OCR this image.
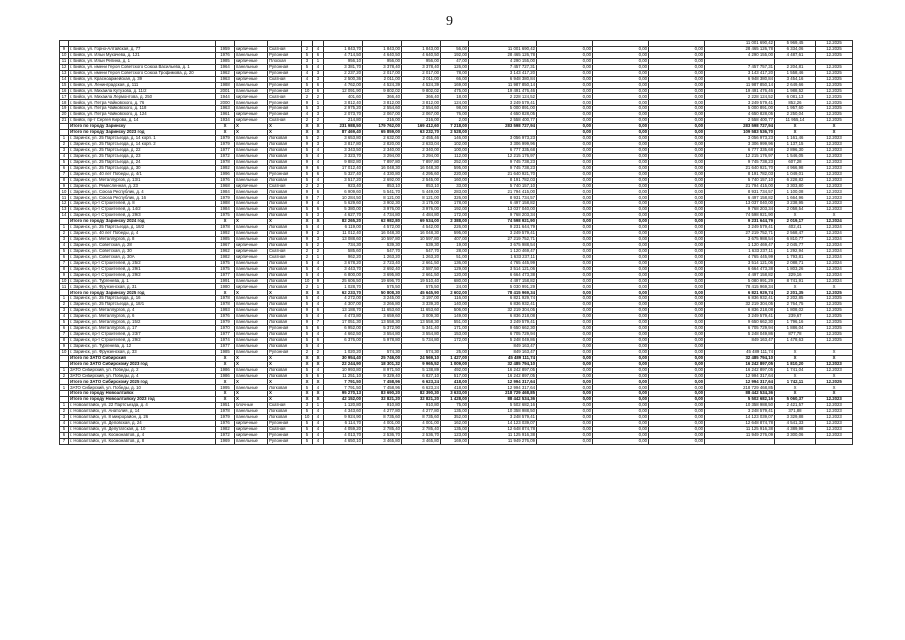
9
															11 001 690,42	5 969,45	12.2025
9	г. Бийск, ул. Горно-Алтайская, д. 77	1959	кирпичные	Скатная	2	4	1 843,70	1 843,00	1 843,00	56,00	11 001 690,42	0,00	0,00	0,00	28 465 126,78	6 334,06	12.2025
10	г. Бийск, ул. Ильи Мухачева, д. 121	1976	панельные	Рулонная	5	6	4 714,50	4 640,50	4 640,50	192,00	28 465 126,78	0,00	0,00	0,00	4 290 155,00	4 487,61	12.2025
11	г. Бийск, ул. Ильи Репина, д. 1	1985	кирпичные	Плоская	3	1	956,10	956,00	956,00	47,00	4 290 155,00	0,00	0,00	0,00			
12	г. Бийск, ул. имени Героя Советского Союза Васильева, д. 1	1964	панельные	Рулонная	5	4	3 381,70	3 378,40	3 378,40	126,00	7 457 727,31	0,00	0,00	0,00	7 457 757,31	2 204,81	12.2025
13	г. Бийск, ул. имени Героя Советского Союза Трофимова, д. 20	1962	кирпичные	Рулонная	4	3	2 237,20	2 017,00	2 017,00	78,00	3 143 417,20	0,00	0,00	0,00	3 143 417,20	1 558,46	12.2025
14	г. Бийск, ул. Красноармейская, д. 39	1963	кирпичные	Скатная	4	3	2 500,36	2 011,00	2 011,00	66,00	6 948 380,84	0,00	0,00	0,00	6 948 380,84	3 454,16	12.2025
15	г. Бийск, ул. Ленинградская, д. 111	1988	панельные	Рулонная	5	6	4 762,00	4 524,39	4 524,39	169,00	11 987 850,14	0,00	0,00	0,00	11 987 850,14	2 649,66	12.2025
16	г. Бийск, ул. Михаила Кутузова, д. 11/2	2001	панельные	Рулонная	10	6	12 091,90	9 802,02	9 802,02	475,00	19 491 476,46	0,00	0,00	0,00	19 491 476,46	1 988,52	12.2025
17	г. Бийск, ул. Михаила Лермонтова, д. 250	1944	кирпичные	Скатная	2	2	401,60	366,40	366,40	18,00	2 228 124,52	0,00	0,00	0,00	2 228 124,52	6 081,13	12.2025
18	г. Бийск, ул. Петра Чайковского, д. 76	2000	панельные	Рулонная	9	1	3 812,40	3 812,00	3 812,00	124,00	3 249 579,41	0,00	0,00	0,00	3 249 579,41	852,26	12.2025
19	г. Бийск, ул. Петра Чайковского, д. 118	1963	панельные	Рулонная	5	3	2 975,20	2 554,60	2 554,60	98,00	5 000 891,00	0,00	0,00	0,00	5 000 891,00	1 957,60	12.2025
20	г. Бийск, ул. Петра Чайковского, д. 124	1961	кирпичные	Рулонная	4	3	2 073,70	2 067,00	2 067,00	76,00	4 650 828,05	0,00	0,00	0,00	4 650 828,05	2 250,04	12.2025
21	г. Бийск, пр-т Сергея Кирова, д. 14	1934	кирпичные	Скатная	2	2	214,80	216,00	216,00	2,00	2 558 400,77	0,00	0,00	0,00	2 558 400,77	11 955,14	12.2025
	Итого по городу Заринску	X	X	X	X	X	231 988,50	179 762,00	169 412,60	7 218,00	283 598 727,94	0,00	0,00	0,00	283 598 727,94	X	X
	Итого по городу Заринску 2023 год	X	X	X	X	X	87 469,40	65 859,00	63 232,70	2 528,00		0,00	0,00	0,00	109 583 536,70	X	X
1	г. Заринск, ул. 25 Партсъезда, д. 14 корп. 1	1979	панельные	Логковая	5	2	3 653,80	2 632,00	2 455,46	146,00	3 056 973,23	0,00	0,00	0,00	3 056 973,23	1 161,46	12.2023
2	г. Заринск, ул. 25 Партсъезда, д. 14 корп. 2	1979	панельные	Логковая	9	3	3 817,80	2 820,00	2 633,04	102,00	3 306 999,96	0,00	0,00	0,00	3 306 999,96	1 137,15	12.2023
3	г. Заринск, ул. 25 Партсъезда, д. 22	1977	панельные	Логковая	5	4	3 343,50	2 340,00	2 340,00	100,00	6 777 335,68	0,00	0,00	0,00	6 777 335,68	2 896,30	12.2023
4	г. Заринск, ул. 25 Партсъезда, д. 23	1972	панельные	Логковая	5	4	3 323,70	3 294,00	3 294,00	112,00	12 215 176,97	0,00	0,00	0,00	12 215 176,97	1 546,05	12.2023
5	г. Заринск, ул. 25 Партсъезда, д. 24	1978	панельные	Логковая	9	4	9 882,80	7 897,80	7 897,80	252,00	9 745 738,23	0,00	0,00	0,00	9 745 738,23	607,28	12.2023
6	г. Заринск, ул. 25 Партсъезда, д. 30	1992	панельные	Логковая	9	6	17 012,40	16 048,30	16 048,30	595,00	9 745 738,23	0,00	0,00	0,00	21 640 921,70	4 966,98	12.2023
7	г. Заринск, ул. 40 лет Победы, д. 4/1	1996	панельные	Рулонная	5	6	5 327,40	4 330,80	4 295,60	220,00	21 640 921,70	0,00	0,00	0,00	8 191 782,03	1 049,01	12.2023
8	г. Заринск, ул. Металлургов, д. 13/1	1976	панельные	Логковая	5	4	3 517,20	2 692,00	2 545,00	160,00	8 191 782,03	0,00	0,00	0,00	5 740 157,10	6 228,82	12.2023
9	г. Заринск, ул. Ремесленная, д. 23	1968	кирпичные	Скатная	2	2	923,40	853,10	853,10	33,00	5 740 157,10	0,00	0,00	0,00	21 794 415,00	3 303,80	12.2023
10	г. Заринск, ул. Союза Республик, д. 4	1984	панельные	Логковая	9	6	6 909,60	5 541,70	5 449,00	283,00	21 794 415,00	0,00	0,00	0,00	8 931 734,57	1 100,08	12.2023
11	г. Заринск, ул. Союза Республик, д. 16	1979	панельные	Логковая	9	7	10 284,50	8 121,00	8 121,00	326,00	8 931 734,57	0,00	0,00	0,00	6 497 158,82	1 664,96	12.2023
12	г. Заринск, пр-т Строителей, д. 8	1988	панельные	Логковая	9	4	5 629,60	3 902,30	3 175,00	178,00	6 497 158,82	0,00	0,00	0,00	13 037 040,00	3 238,95	12.2023
13	г. Заринск, пр-т Строителей, д. 14/2	1984	панельные	Логковая	5	6	5 380,00	3 976,00	3 976,00	192,00	13 037 040,00	0,00	0,00	0,00	9 768 203,34	2 058,54	12.2023
14	г. Заринск, пр-т Строителей, д. 29/3	1975	панельные	Логковая	5	3	4 627,70	4 734,80	4 484,80	172,00	9 768 203,34	0,00	0,00	0,00	74 598 921,90	X	X
	Итого по городу Заринску 2024 год	X	X	X	X	X	82 265,20	62 982,80	69 534,00	2 388,00	74 598 921,90	0,00	0,00	0,00	9 231 644,79	2 019,17	12.2024
1	г. Заринск, ул. 25 Партсъезда, д. 18/2	1978	панельные	Логковая	5	4	6 119,00	4 572,00	4 542,00	226,00	9 231 644,79	0,00	0,00	0,00	3 249 579,41	402,41	12.2024
2	г. Заринск, ул. 40 лет Победы, д. 4	1992	панельные	Логковая	9	2	11 012,40	16 048,30	16 048,30	595,00	3 249 579,41	0,00	0,00	0,00	27 219 752,71	2 568,47	12.2024
3	г. Заринск, ул. Металлургов, д. 8	1985	панельные	Логковая	9	3	13 088,60	10 597,80	10 597,80	407,00	27 219 752,71	0,00	0,00	0,00	3 675 988,54	6 810,77	12.2024
4	г. Заринск, ул. Советская, д. 28	1967	кирпичные	Логковая	5	2	734,30	539,30	539,30	19,00	3 675 988,54	0,00	0,00	0,00	1 120 469,47	2 045,77	12.2024
5	г. Заринск, ул. Советская, д. 30	1962	кирпичные	Скатная	2	2	585,60	547,70	547,70	28,00	1 120 469,47	0,00	0,00	0,00	1 633 237,11	1 292,94	12.2024
6	г. Заринск, ул. Советская, д. 30А	1982	кирпичные	Скатная	2	1	962,20	1 263,20	1 263,20	51,00	1 633 237,11	0,00	0,00	0,00	4 765 445,99	1 793,81	12.2024
7	г. Заринск, пр-т Строителей, д. 25/2	1975	панельные	Логковая	5	4	3 678,20	2 723,40	2 661,50	136,00	4 765 445,99	0,00	0,00	0,00	3 514 121,06	2 088,71	12.2024
8	г. Заринск, пр-т Строителей, д. 29/1	1975	панельные	Логковая	5	4	3 443,70	2 692,40	2 587,50	129,00	3 514 121,06	0,00	0,00	0,00	6 664 473,38	1 803,26	12.2024
9	г. Заринск, пр-т Строителей, д. 29/2	1977	панельные	Логковая	5	4	6 800,00	3 695,80	2 661,50	120,00	6 664 473,38	0,00	0,00	0,00	4 497 158,82	229,16	12.2024
10	г. Заринск, ул. Тургенева, д. 1	1991	панельные	Логковая	10	9	25 606,50	19 696,70	19 510,40	680,00	4 497 158,82	0,00	0,00	0,00	5 080 991,29	8 741,91	12.2024
11	г. Заринск, ул. Фрунзенская, д. 31	1980	кирпичные	Логковая	2	1	1 028,70	575,50	575,50	24,00	5 030 991,29	0,00	0,00	0,00	78 415 969,34	X	X
	Итого по городу Заринску 2025 год	X	X	X	X	X	62 233,70	50 808,30	45 645,90	2 602,00	78 415 969,34	0,00	0,00	0,00	6 821 929,74	2 201,35	12.2025
1	г. Заринск, ул. 25 Партсъезда, д. 16	1978	панельные	Логковая	5	4	4 272,00	3 245,00	3 197,00	116,00	6 821 929,74	0,00	0,00	0,00	6 836 932,41	2 202,85	12.2025
2	г. Заринск, ул. 25 Партсъезда, д. 18/1	1978	панельные	Логковая	5	4	4 307,00	3 266,80	3 339,20	140,00	6 836 932,41	0,00	0,00	0,00	32 219 304,05	2 764,75	12.2025
3	г. Заринск, ул. Металлургов, д. 4	1993	панельные	Логковая	9	6	13 188,70	11 653,60	11 653,60	506,00	32 219 304,05	0,00	0,00	0,00	6 836 218,08	1 808,02	12.2025
4	г. Заринск, ул. Металлургов, д. 6	1976	панельные	Логковая	5	4	4 473,80	3 659,60	3 009,30	149,00	6 836 218,08	0,00	0,00	0,00	3 249 579,41	239,67	12.2025
5	г. Заринск, ул. Металлургов, д. 15/2	1979	панельные	Логковая	9	7	17 051,30	13 558,30	13 558,30	551,00	3 249 579,41	0,00	0,00	0,00	9 650 662,30	1 796,16	12.2025
6	г. Заринск, ул. Металлургов, д. 17	1970	панельные	Рулонная	5	6	6 952,00	5 372,90	5 341,40	171,00	9 650 662,30	0,00	0,00	0,00	6 705 729,94	1 886,04	12.2025
7	г. Заринск, пр-т Строителей, д. 23/7	1977	панельные	Логковая	5	4	4 662,50	3 554,80	3 554,80	153,00	6 705 729,94	0,00	0,00	0,00	5 248 049,86	877,78	12.2025
8	г. Заринск, пр-т Строителей, д. 29/2	1974	панельные	Логковая	5	6	6 376,00	5 978,80	5 734,80	172,00	5 248 049,86	0,00	0,00	0,00	849 163,47	1 478,63	12.2025
9	г. Заринск, ул. Тургенева, д. 12	1977	панельные	Логковая	5	4					849 163,47	0,00	0,00	0,00			
10	г. Заринск, ул. Фрунзенская, д. 33	1985	панельные	Рулонная	2	2	1 020,20	574,30	574,30	25,00	849 163,47	0,00	0,00	0,00	45 489 111,74	X	X
	Итого по ЗАТО Сибирский	X	X	X	X	X	30 954,40	25 746,00	24 569,10	1 427,00	45 489 111,74	0,00	0,00	0,00	32 485 794,10	X	X
	Итого по ЗАТО Сибирскому 2023 год	X	X	X	X	X	22 244,90	18 301,32	9 965,52	1 009,00	32 485 794,10	0,00	0,00	0,00	16 242 897,05	1 810,20	12.2023
1	ЗАТО Сибирский, ул. Победы, д. 2	1986	панельные	Логковая	5	4	10 993,80	8 971,50	5 138,89	492,00	16 242 897,05	0,00	0,00	0,00	16 242 897,05	1 741,04	12.2023
2	ЗАТО Сибирский, ул. Победы, д. 4	1986	панельные	Логковая	5	6	11 251,10	9 329,40	6 827,10	517,00	16 242 897,05	0,00	0,00	0,00	12 994 317,64	X	X
	Итого по ЗАТО Сибирскому 2025 год	X	X	X	X	X	7 791,50	7 458,96	6 623,24	418,00	12 994 317,64	0,00	0,00	0,00	12 994 317,64	1 742,11	12.2025
1	ЗАТО Сибирский, ул. Победы, д. 10	1995	панельные	Логковая	5	4	7 791,50	7 458,96	6 623,24	418,00	12 994 317,64	0,00	0,00	0,00	218 729 468,85	X	X
	Итого по городу Новоалтайск	X	X	X	X	X	95 270,13	83 690,20	82 390,30	3 633,00	218 729 468,85	0,00	0,00	0,00	88 442 534,36	X	X
	Итого по городу Новоалтайску 2023 год	X	X	X	X	X	42 152,00	32 821,20	32 821,20	1 428,00	88 442 534,36	0,00	0,00	0,00	5 502 682,16	5 060,37	12.2023
1	г. Новоалтайск, ул. 22 Партсъезда, д. 4	1951	блочные	Скатная	3	1	1 120,80	910,80	910,80	75,00	5 502 682,16	0,00	0,00	0,00	10 358 988,50	2 421,57	12.2023
2	г. Новоалтайск, ул. Анатолия, д. 14	1978	панельные	Логковая	5	4	4 343,60	4 277,80	4 277,80	135,00	10 358 988,50	0,00	0,00	0,00	3 248 579,41	371,88	12.2023
3	г. Новоалтайск, ул. 8 микрорайон, д. 26	1979	панельные	Логковая	10	4	9 924,90	8 735,60	8 735,60	352,00	3 248 579,41	0,00	0,00	0,00	14 123 039,07	3 329,88	12.2023
4	г. Новоалтайск, ул. Деповская, д. 24	1976	кирпичные	Рулонная	5	4	6 114,70	4 001,00	4 001,00	162,00	14 123 039,07	0,00	0,00	0,00	12 648 874,78	4 541,33	12.2023
5	г. Новоалтайск, ул. Депутатская, д. 10	1982	кирпичные	Скатная	5	4	4 059,20	2 785,40	2 785,40	135,00	12 648 874,78	0,00	0,00	0,00	11 125 916,38	4 389,98	12.2023
6	г. Новоалтайск, ул. Космонавтов, д. 4	1972	кирпичные	Рулонная	5	4	4 013,70	2 536,70	2 536,70	123,00	11 125 916,38	0,00	0,00	0,00	11 949 276,09	3 300,06	12.2023
7	г. Новоалтайск, ул. Космонавтов, д. 8	1969	панельные	Рулонная	5	4	4 650,10	3 465,80	3 465,80	169,00	11 949 276,09	0,00	0,00	0,00			
